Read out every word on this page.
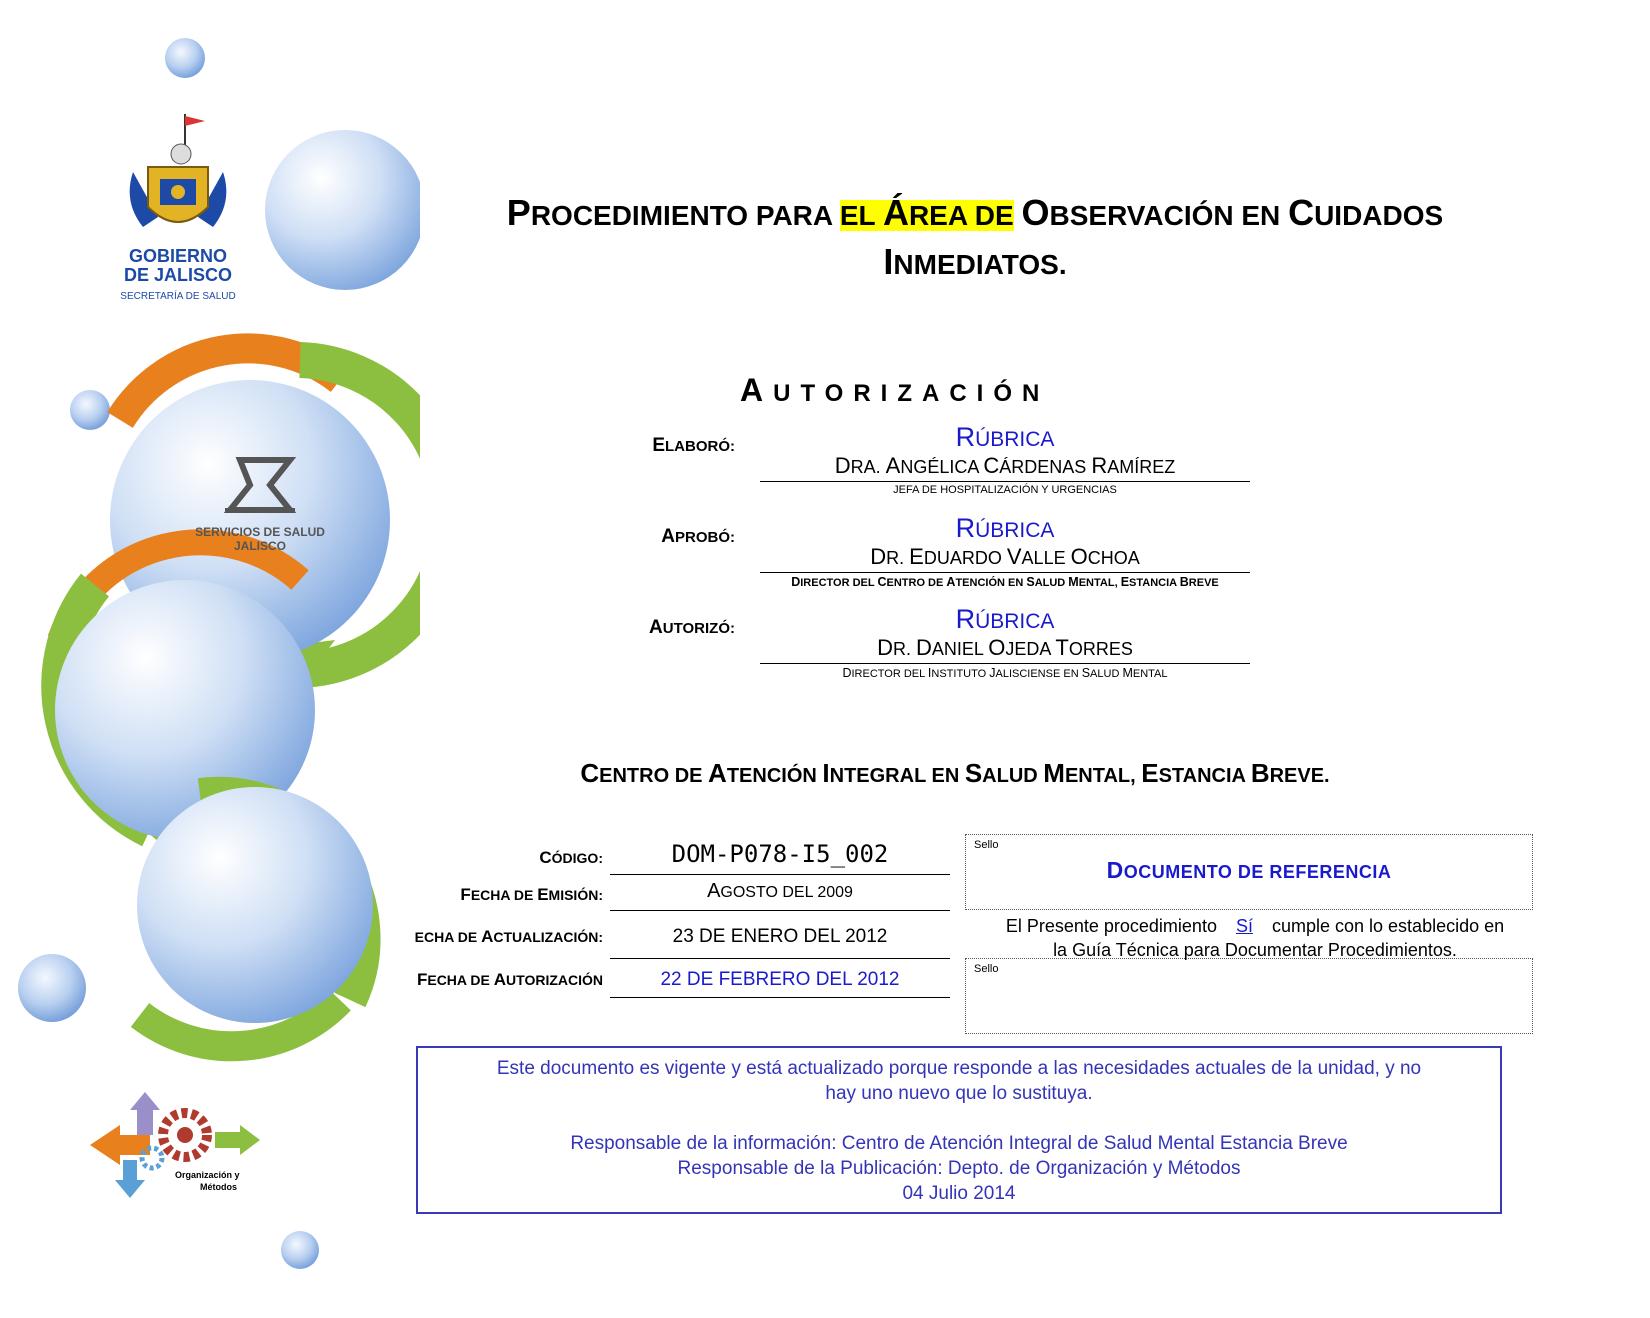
GOBIERNO
DE JALISCO
SECRETARÍA DE SALUD
SERVICIOS DE SALUD
JALISCO
Organización y
Métodos
PROCEDIMIENTO PARA EL ÁREA DE OBSERVACIÓN EN CUIDADOS
INMEDIATOS.
AUTORIZACIÓN
ELABORÓ:	RÚBRICA
DRA. ANGÉLICA CÁRDENAS RAMÍREZ
JEFA DE HOSPITALIZACIÓN Y URGENCIAS
APROBÓ:	RÚBRICA
DR. EDUARDO VALLE OCHOA
DIRECTOR DEL CENTRO DE ATENCIÓN EN SALUD MENTAL, ESTANCIA BREVE
AUTORIZÓ:	RÚBRICA
DR. DANIEL OJEDA TORRES
DIRECTOR DEL INSTITUTO JALISCIENSE EN SALUD MENTAL
CENTRO DE ATENCIÓN INTEGRAL EN SALUD MENTAL, ESTANCIA BREVE.
CÓDIGO:	DOM-P078-I5_002
FECHA DE EMISIÓN:	AGOSTO DEL 2009
ECHA DE ACTUALIZACIÓN:	23 DE ENERO DEL 2012
FECHA DE AUTORIZACIÓN	22 DE FEBRERO DEL 2012
Sello
DOCUMENTO DE REFERENCIA
El Presente procedimiento Sí cumple con lo establecido en
la Guía Técnica para Documentar Procedimientos.
Sello

Este documento es vigente y está actualizado porque responde a las necesidades actuales de la unidad, y no

hay uno nuevo que lo sustituya.

Responsable de la información: Centro de Atención Integral de Salud Mental Estancia Breve

Responsable de la Publicación: Depto. de Organización y Métodos

04 Julio 2014
